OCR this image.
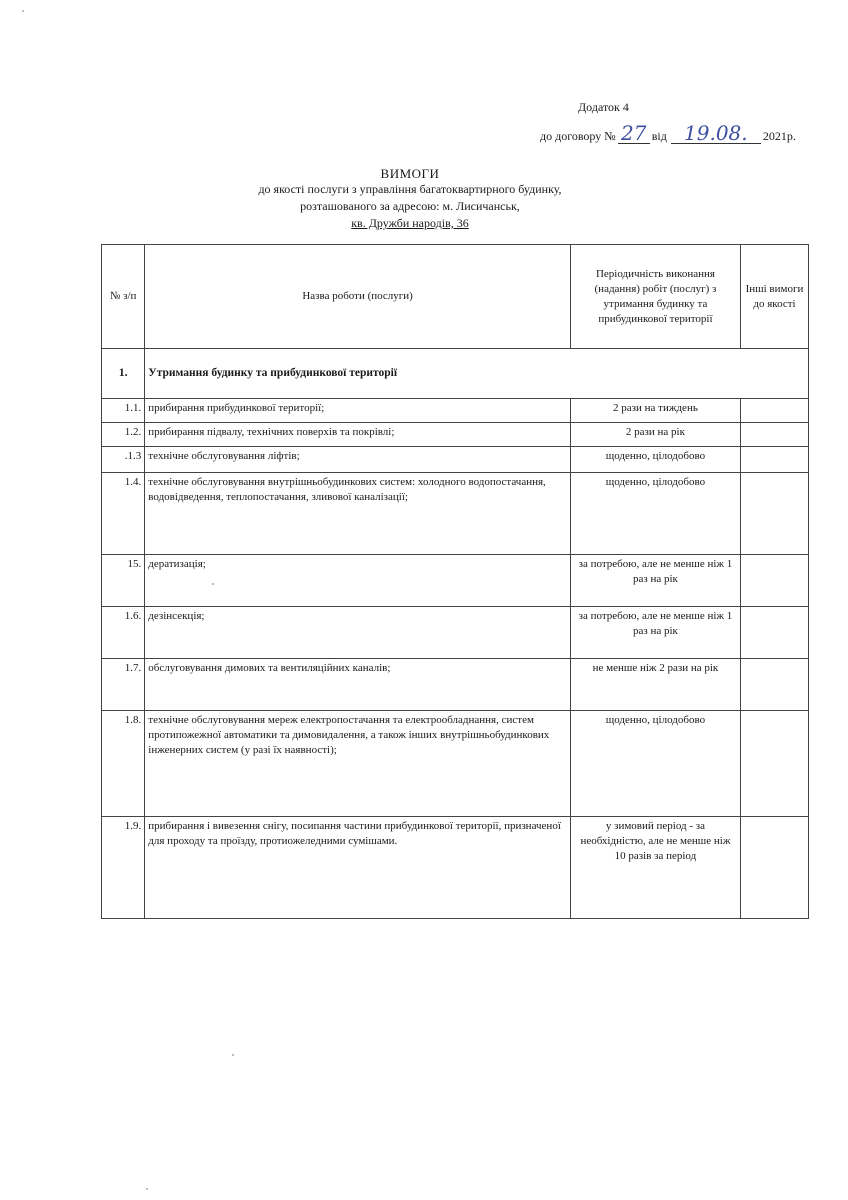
Додаток 4
до договору № 27 від 19.08.	2021р.
ВИМОГИ
до якості послуги з управління багатоквартирного будинку,
розташованого за адресою: м. Лисичанськ,
кв. Дружби народів, 36
№ з/п	Назва роботи (послуги)	Періодичність виконання (надання) робіт (послуг) з утримання будинку та прибудинкової території	Інші вимоги до якості
1.	Утримання будинку та прибудинкової території		
1.1.	прибирання прибудинкової території;	2 рази на тиждень	
1.2.	прибирання підвалу, технічних поверхів та покрівлі;	2 рази на рік	
.1.3	технічне обслуговування ліфтів;	щоденно, цілодобово	
1.4.	технічне обслуговування внутрішньобудинкових систем: холодного водопостачання, водовідведення, теплопостачання, зливової каналізації;	щоденно, цілодобово	
15.	дератизація;	за потребою, але не менше ніж 1 раз на рік	
1.6.	дезінсекція;	за потребою, але не менше ніж 1 раз на рік	
1.7.	обслуговування димових та вентиляційних каналів;	не менше ніж 2 рази на рік	
1.8.	технічне обслуговування мереж електропостачання та електрообладнання, систем протипожежної автоматики та димовидалення, а також інших внутрішньобудинкових інженерних систем (у разі їх наявності);	щоденно, цілодобово	
1.9.	прибирання і вивезення снігу, посипання частини прибудинкової території, призначеної для проходу та проїзду, протиожеледними сумішами.	у зимовий період - за необхідністю, але не менше ніж 10 разів за період	
